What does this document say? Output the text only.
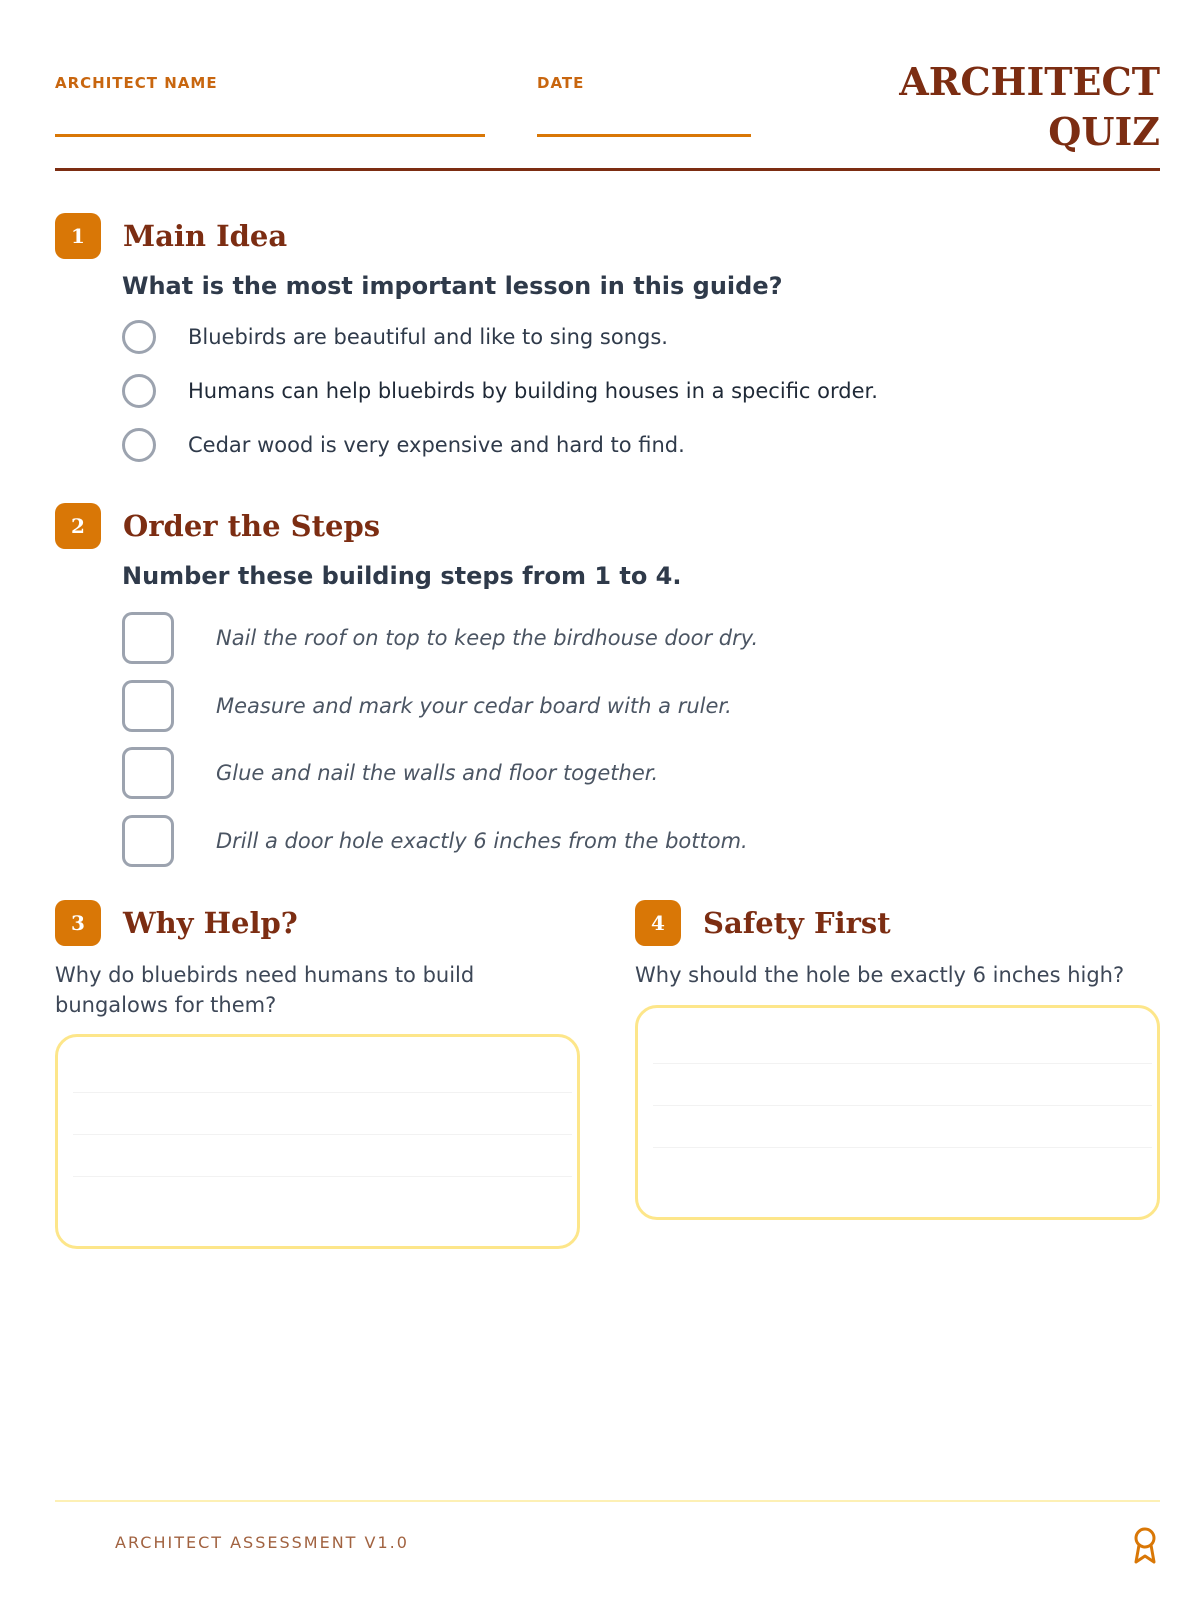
ARCHITECT NAME	DATE	ARCHITECT
QUIZ
1	Main Idea
What is the most important lesson in this guide?
Bluebirds are beautiful and like to sing songs.
Humans can help bluebirds by building houses in a specific order.
Cedar wood is very expensive and hard to find.
2	Order the Steps
Number these building steps from 1 to 4.
Nail the roof on top to keep the birdhouse door dry.
Measure and mark your cedar board with a ruler.
Glue and nail the walls and floor together.
Drill a door hole exactly 6 inches from the bottom.
3	Why Help?
Why do bluebirds need humans to build bungalows for them?
4	Safety First
Why should the hole be exactly 6 inches high?
ARCHITECT ASSESSMENT V1.0
